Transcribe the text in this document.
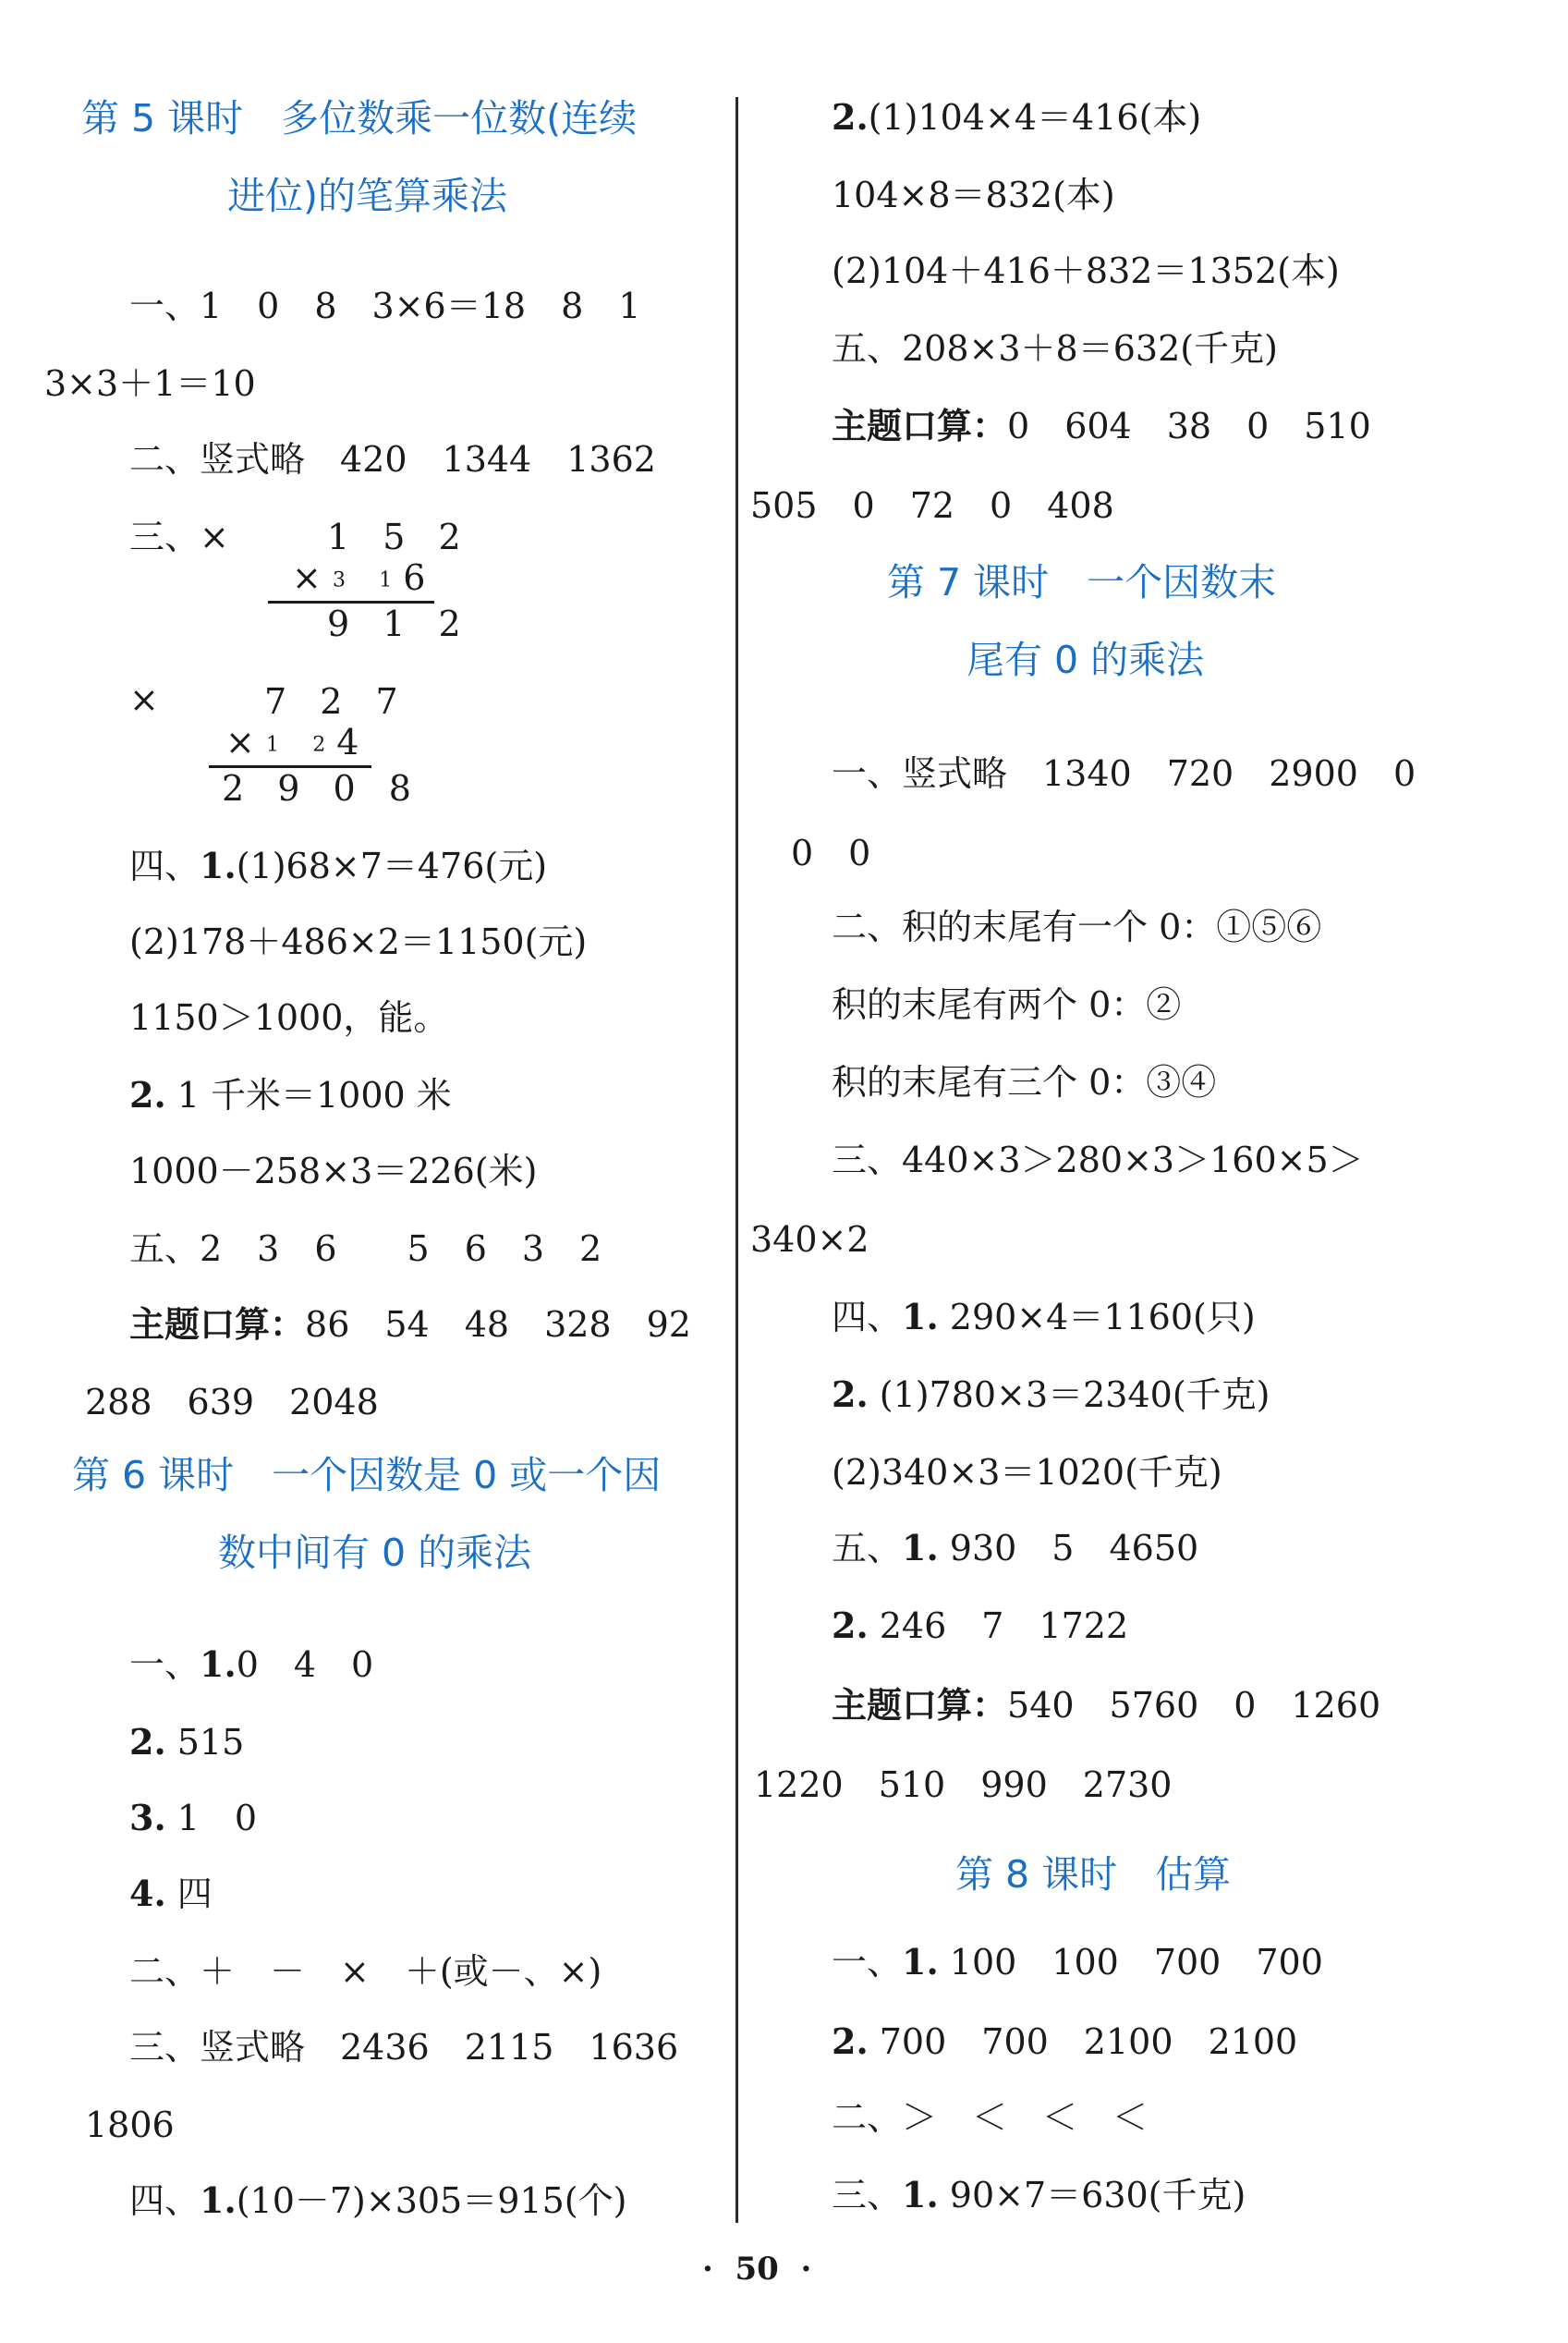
第 5 课时　多位数乘一位数(连续
进位)的笔算乘法
一、1　0　8　3×6＝18　8　1
3×3＋1＝10
二、竖式略　420　1344　1362
三、×	1 5 2
× 3 1 6
9 1 2
×	7 2 7
× 1 2 4
2 9 0 8
四、1.(1)68×7＝476(元)
(2)178＋486×2＝1150(元)
1150＞1000，能。
2. 1 千米＝1000 米
1000－258×3＝226(米)
五、2　3　6　　5　6　3　2
主题口算：86　54　48　328　92
288　639　2048
第 6 课时　一个因数是 0 或一个因
数中间有 0 的乘法
一、1.0　4　0
2. 515
3. 1　0
4. 四
二、＋　－　×　＋(或－、×)
三、竖式略　2436　2115　1636
1806
四、1.(10－7)×305＝915(个)
2.(1)104×4＝416(本)
104×8＝832(本)
(2)104＋416＋832＝1352(本)
五、208×3＋8＝632(千克)
主题口算：0　604　38　0　510
505　0　72　0　408
第 7 课时　一个因数末
尾有 0 的乘法
一、竖式略　1340　720　2900　0
0　0
二、积的末尾有一个 0：①⑤⑥
积的末尾有两个 0：②
积的末尾有三个 0：③④
三、440×3＞280×3＞160×5＞
340×2
四、1. 290×4＝1160(只)
2. (1)780×3＝2340(千克)
(2)340×3＝1020(千克)
五、1. 930　5　4650
2. 246　7　1722
主题口算：540　5760　0　1260
1220　510　990　2730
第 8 课时　估算
一、1. 100　100　700　700
2. 700　700　2100　2100
二、＞　＜　＜　＜
三、1. 90×7＝630(千克)
·  50  ·
